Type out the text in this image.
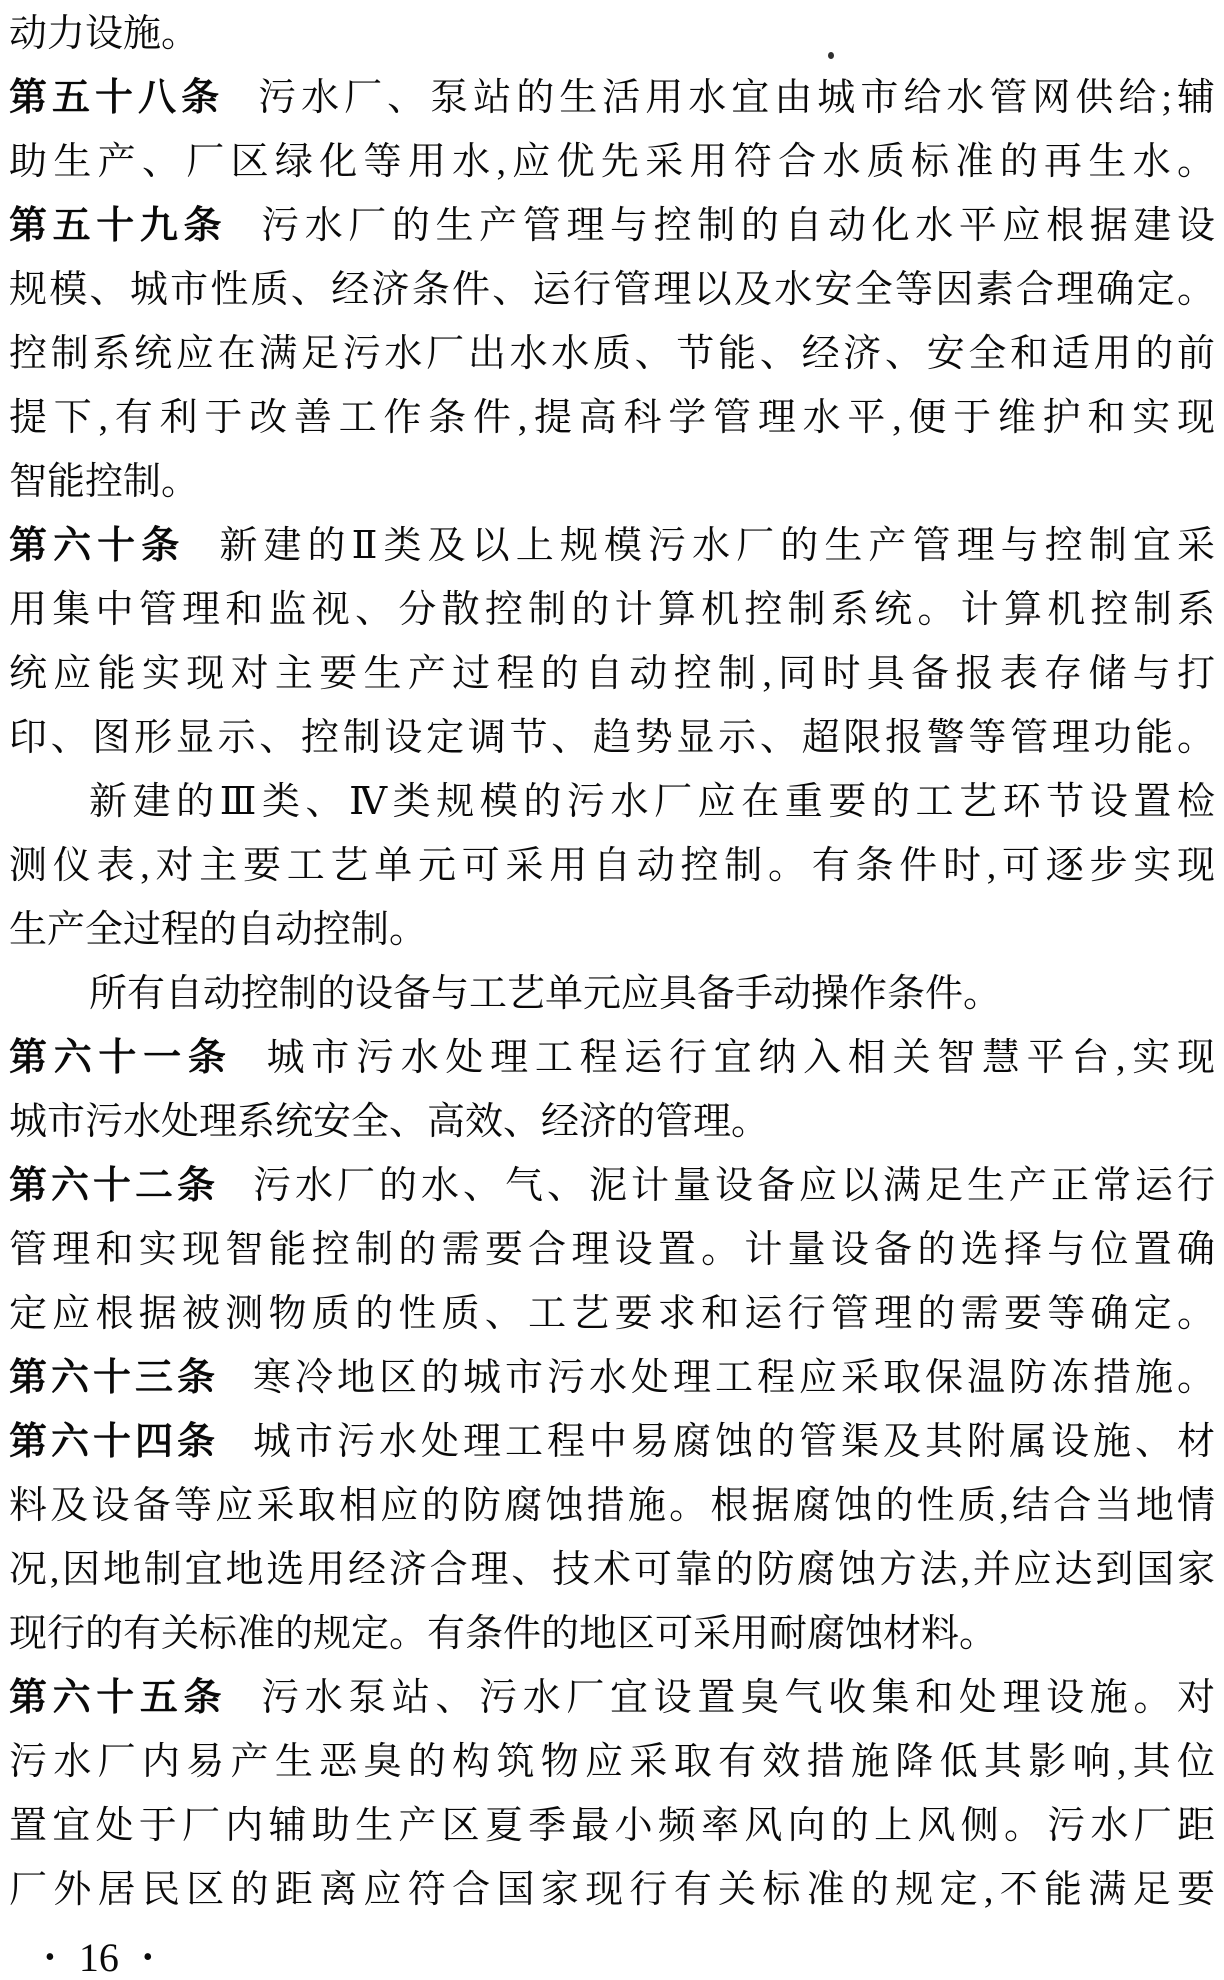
动力设施。
第五十八条 污水厂、泵站的生活用水宜由城市给水管网供给;辅
助生产、厂区绿化等用水,应优先采用符合水质标准的再生水。
第五十九条 污水厂的生产管理与控制的自动化水平应根据建设
规模、城市性质、经济条件、运行管理以及水安全等因素合理确定。
控制系统应在满足污水厂出水水质、节能、经济、安全和适用的前
提下,有利于改善工作条件,提高科学管理水平,便于维护和实现
智能控制。
第六十条 新建的Ⅱ类及以上规模污水厂的生产管理与控制宜采
用集中管理和监视、分散控制的计算机控制系统。计算机控制系
统应能实现对主要生产过程的自动控制,同时具备报表存储与打
印、图形显示、控制设定调节、趋势显示、超限报警等管理功能。
新建的Ⅲ类、Ⅳ类规模的污水厂应在重要的工艺环节设置检
测仪表,对主要工艺单元可采用自动控制。有条件时,可逐步实现
生产全过程的自动控制。
所有自动控制的设备与工艺单元应具备手动操作条件。
第六十一条 城市污水处理工程运行宜纳入相关智慧平台,实现
城市污水处理系统安全、高效、经济的管理。
第六十二条 污水厂的水、气、泥计量设备应以满足生产正常运行
管理和实现智能控制的需要合理设置。计量设备的选择与位置确
定应根据被测物质的性质、工艺要求和运行管理的需要等确定。
第六十三条 寒冷地区的城市污水处理工程应采取保温防冻措施。
第六十四条 城市污水处理工程中易腐蚀的管渠及其附属设施、材
料及设备等应采取相应的防腐蚀措施。根据腐蚀的性质,结合当地情
况,因地制宜地选用经济合理、技术可靠的防腐蚀方法,并应达到国家
现行的有关标准的规定。有条件的地区可采用耐腐蚀材料。
第六十五条 污水泵站、污水厂宜设置臭气收集和处理设施。对
污水厂内易产生恶臭的构筑物应采取有效措施降低其影响,其位
置宜处于厂内辅助生产区夏季最小频率风向的上风侧。污水厂距
厂外居民区的距离应符合国家现行有关标准的规定,不能满足要
• 16 •
